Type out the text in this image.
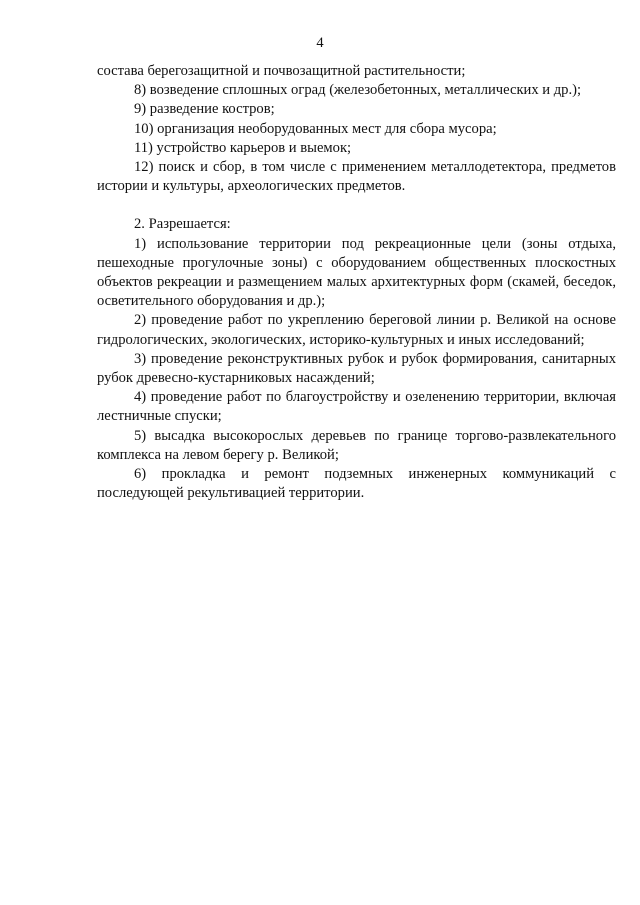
4

состава берегозащитной и почвозащитной растительности;

8) возведение сплошных оград (железобетонных, металлических и др.);

9) разведение костров;

10) организация необорудованных мест для сбора мусора;

11) устройство карьеров и выемок;

12) поиск и сбор, в том числе с применением металлодетектора, предметов истории и культуры, археологических предметов.

2. Разрешается:

1) использование территории под рекреационные цели (зоны отдыха, пешеходные прогулочные зоны) с оборудованием общественных плоскостных объектов рекреации и размещением малых архитектурных форм (скамей, беседок, осветительного оборудования и др.);

2) проведение работ по укреплению береговой линии р. Великой на основе гидрологических, экологических, историко-культурных и иных исследований;

3) проведение реконструктивных рубок и рубок формирования, санитарных рубок древесно-кустарниковых насаждений;

4) проведение работ по благоустройству и озеленению территории, включая лестничные спуски;

5) высадка высокорослых деревьев по границе торгово-развлекательного комплекса на левом берегу р. Великой;

6) прокладка и ремонт подземных инженерных коммуникаций с последующей рекультивацией территории.
